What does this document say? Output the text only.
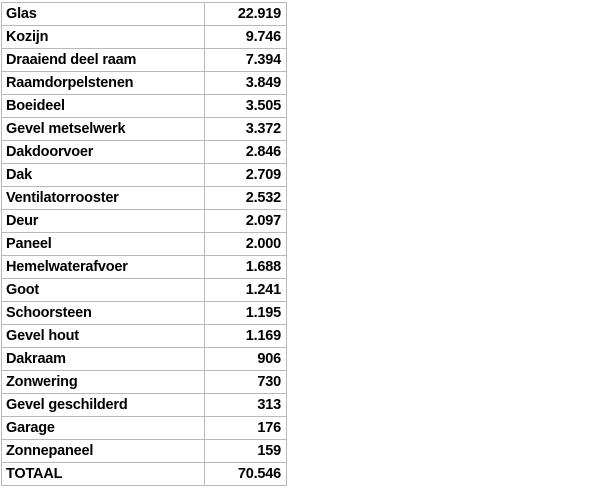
Glas	22.919
Kozijn	9.746
Draaiend deel raam	7.394
Raamdorpelstenen	3.849
Boeideel	3.505
Gevel metselwerk	3.372
Dakdoorvoer	2.846
Dak	2.709
Ventilatorrooster	2.532
Deur	2.097
Paneel	2.000
Hemelwaterafvoer	1.688
Goot	1.241
Schoorsteen	1.195
Gevel hout	1.169
Dakraam	906
Zonwering	730
Gevel geschilderd	313
Garage	176
Zonnepaneel	159
TOTAAL	70.546
